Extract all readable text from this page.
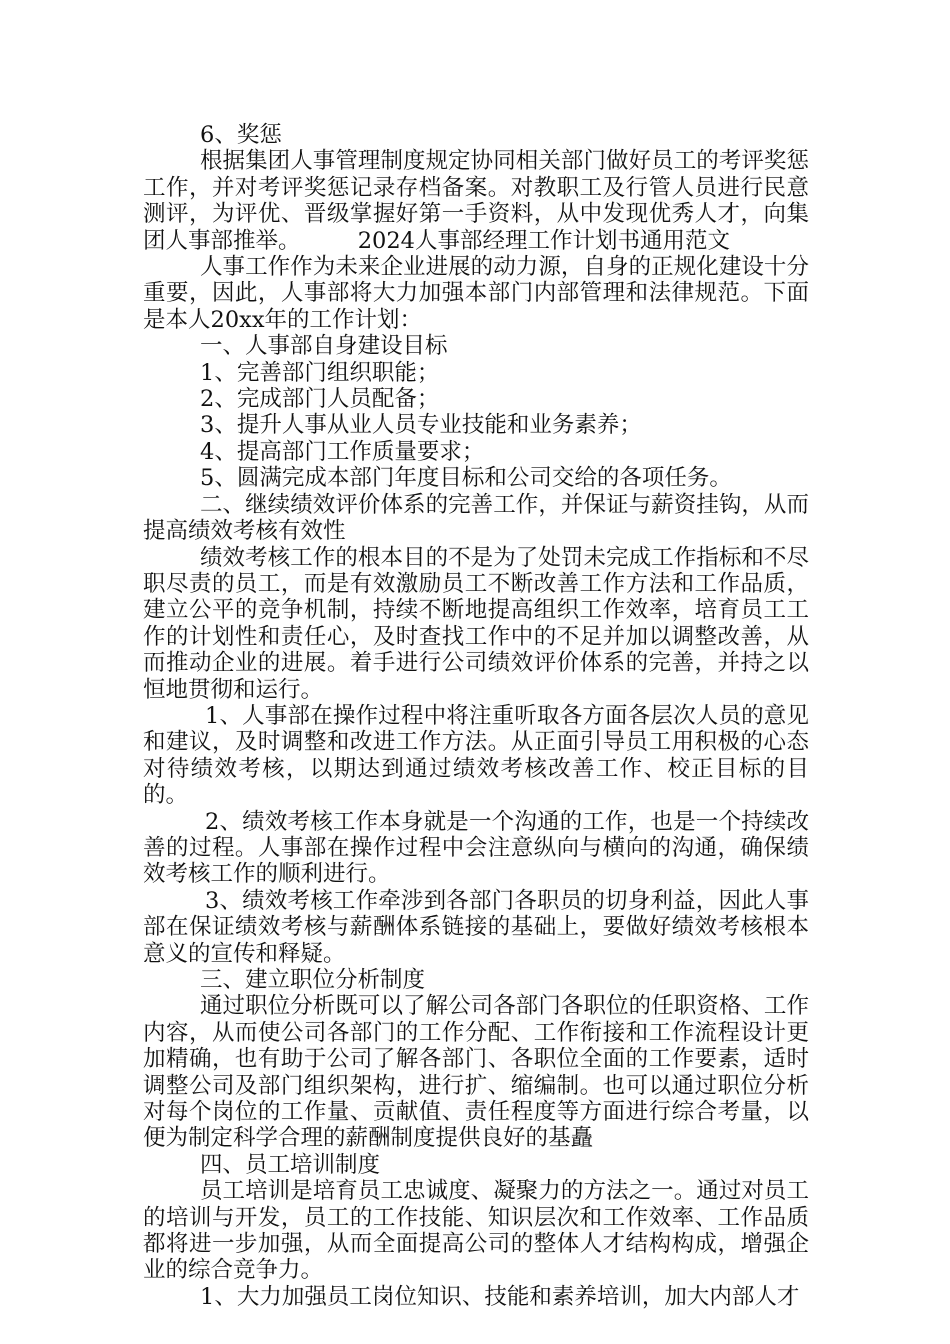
6、奖惩

根据集团人事管理制度规定协同相关部门做好员工的考评奖惩工作，并对考评奖惩记录存档备案。对教职工及行管人员进行民意测评，为评优、晋级掌握好第一手资料，从中发现优秀人才，向集团人事部推举。        2024人事部经理工作计划书通用范文

人事工作作为未来企业进展的动力源，自身的正规化建设十分重要，因此，人事部将大力加强本部门内部管理和法律规范。下面是本人20xx年的工作计划：

一、人事部自身建设目标

1、完善部门组织职能；

2、完成部门人员配备；

3、提升人事从业人员专业技能和业务素养；

4、提高部门工作质量要求；

5、圆满完成本部门年度目标和公司交给的各项任务。

二、继续绩效评价体系的完善工作，并保证与薪资挂钩，从而提高绩效考核有效性

绩效考核工作的根本目的不是为了处罚未完成工作指标和不尽职尽责的员工，而是有效激励员工不断改善工作方法和工作品质，建立公平的竞争机制，持续不断地提高组织工作效率，培育员工工作的计划性和责任心，及时查找工作中的不足并加以调整改善，从而推动企业的进展。着手进行公司绩效评价体系的完善，并持之以恒地贯彻和运行。

1、人事部在操作过程中将注重听取各方面各层次人员的意见和建议，及时调整和改进工作方法。从正面引导员工用积极的心态对待绩效考核，以期达到通过绩效考核改善工作、校正目标的目的。

2、绩效考核工作本身就是一个沟通的工作，也是一个持续改善的过程。人事部在操作过程中会注意纵向与横向的沟通，确保绩效考核工作的顺利进行。

3、绩效考核工作牵涉到各部门各职员的切身利益，因此人事部在保证绩效考核与薪酬体系链接的基础上，要做好绩效考核根本意义的宣传和释疑。

三、建立职位分析制度

通过职位分析既可以了解公司各部门各职位的任职资格、工作内容，从而使公司各部门的工作分配、工作衔接和工作流程设计更加精确，也有助于公司了解各部门、各职位全面的工作要素，适时调整公司及部门组织架构，进行扩、缩编制。也可以通过职位分析对每个岗位的工作量、贡献值、责任程度等方面进行综合考量，以便为制定科学合理的薪酬制度提供良好的基矗

四、员工培训制度

员工培训是培育员工忠诚度、凝聚力的方法之一。通过对员工的培训与开发，员工的工作技能、知识层次和工作效率、工作品质都将进一步加强，从而全面提高公司的整体人才结构构成，增强企业的综合竞争力。

1、大力加强员工岗位知识、技能和素养培训，加大内部人才
